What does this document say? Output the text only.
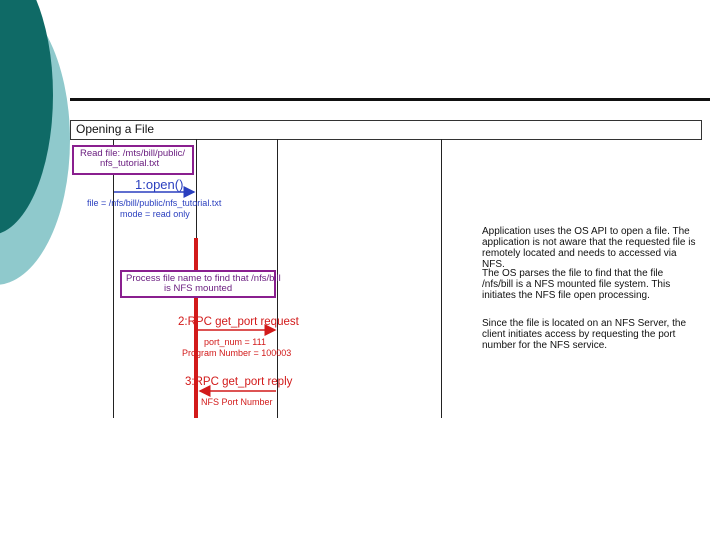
Opening a File
Read file: /mts/bill/public/
nfs_tutorial.txt
1:open()
file = /nfs/bill/public/nfs_tutorial.txt
mode = read only
Process file name to find that /nfs/bill
is NFS mounted
2:RPC get_port request
port_num = 111
Program Number = 100003
3:RPC get_port reply
NFS Port Number
Application uses the OS API to open a file. The application is not aware that the requested file is remotely located and needs to accessed via NFS.
The OS parses the file to find that the file /nfs/bill is a NFS mounted file system. This initiates the NFS file open processing.
Since the file is located on an NFS Server, the client initiates access by requesting the port number for the NFS service.
